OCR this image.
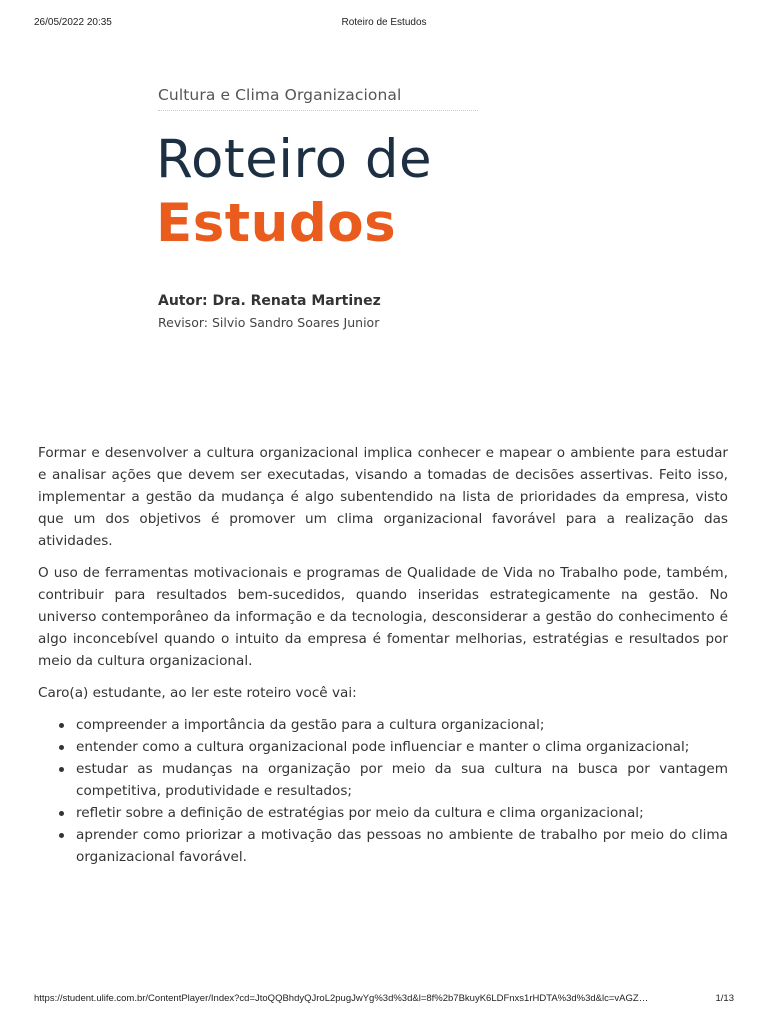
26/05/2022 20:35	Roteiro de Estudos
Cultura e Clima Organizacional
Roteiro de
Estudos
Autor: Dra. Renata Martinez
Revisor: Silvio Sandro Soares Junior

Formar e desenvolver a cultura organizacional implica conhecer e mapear o ambiente para estudar e analisar ações que devem ser executadas, visando a tomadas de decisões assertivas. Feito isso, implementar a gestão da mudança é algo subentendido na lista de prioridades da empresa, visto que um dos objetivos é promover um clima organizacional favorável para a realização das atividades.

O uso de ferramentas motivacionais e programas de Qualidade de Vida no Trabalho pode, também, contribuir para resultados bem-sucedidos, quando inseridas estrategicamente na gestão. No universo contemporâneo da informação e da tecnologia, desconsiderar a gestão do conhecimento é algo inconcebível quando o intuito da empresa é fomentar melhorias, estratégias e resultados por meio da cultura organizacional.

Caro(a) estudante, ao ler este roteiro você vai:

compreender a importância da gestão para a cultura organizacional;
entender como a cultura organizacional pode influenciar e manter o clima organizacional;
estudar as mudanças na organização por meio da sua cultura na busca por vantagem competitiva, produtividade e resultados;
refletir sobre a definição de estratégias por meio da cultura e clima organizacional;
aprender como priorizar a motivação das pessoas no ambiente de trabalho por meio do clima organizacional favorável.
https://student.ulife.com.br/ContentPlayer/Index?cd=JtoQQBhdyQJroL2pugJwYg%3d%3d&l=8f%2b7BkuyK6LDFnxs1rHDTA%3d%3d&lc=vAGZ…	1/13
